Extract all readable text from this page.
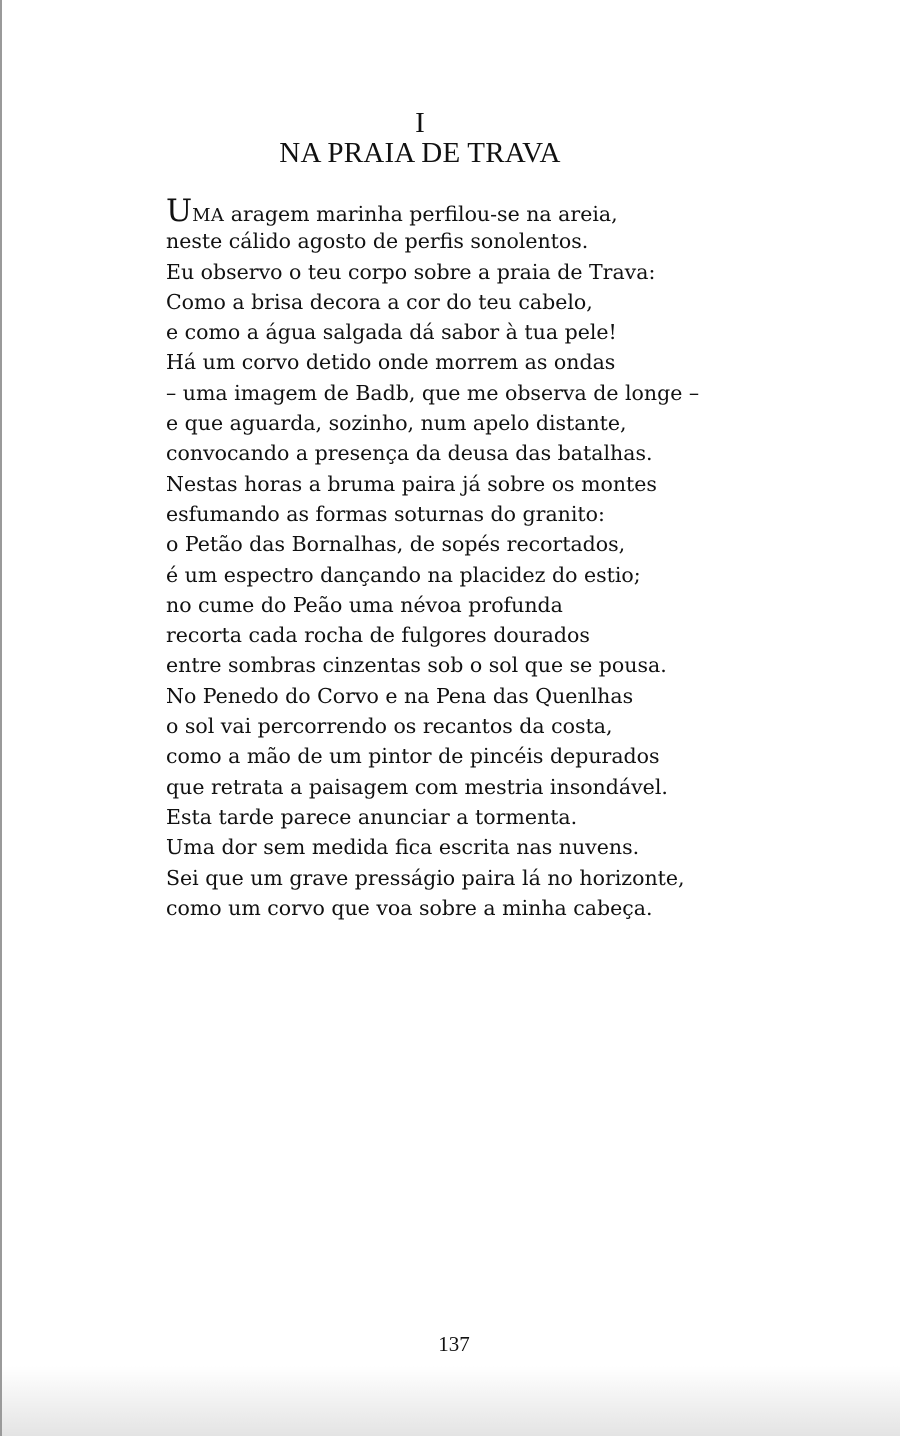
I
NA PRAIA DE TRAVA
UMA aragem marinha perfilou-se na areia,
neste cálido agosto de perfis sonolentos.
Eu observo o teu corpo sobre a praia de Trava:
Como a brisa decora a cor do teu cabelo,
e como a água salgada dá sabor à tua pele!
Há um corvo detido onde morrem as ondas
– uma imagem de Badb, que me observa de longe –
e que aguarda, sozinho, num apelo distante,
convocando a presença da deusa das batalhas.
Nestas horas a bruma paira já sobre os montes
esfumando as formas soturnas do granito:
o Petão das Bornalhas, de sopés recortados,
é um espectro dançando na placidez do estio;
no cume do Peão uma névoa profunda
recorta cada rocha de fulgores dourados
entre sombras cinzentas sob o sol que se pousa.
No Penedo do Corvo e na Pena das Quenlhas
o sol vai percorrendo os recantos da costa,
como a mão de um pintor de pincéis depurados
que retrata a paisagem com mestria insondável.
Esta tarde parece anunciar a tormenta.
Uma dor sem medida fica escrita nas nuvens.
Sei que um grave presságio paira lá no horizonte,
como um corvo que voa sobre a minha cabeça.
137
